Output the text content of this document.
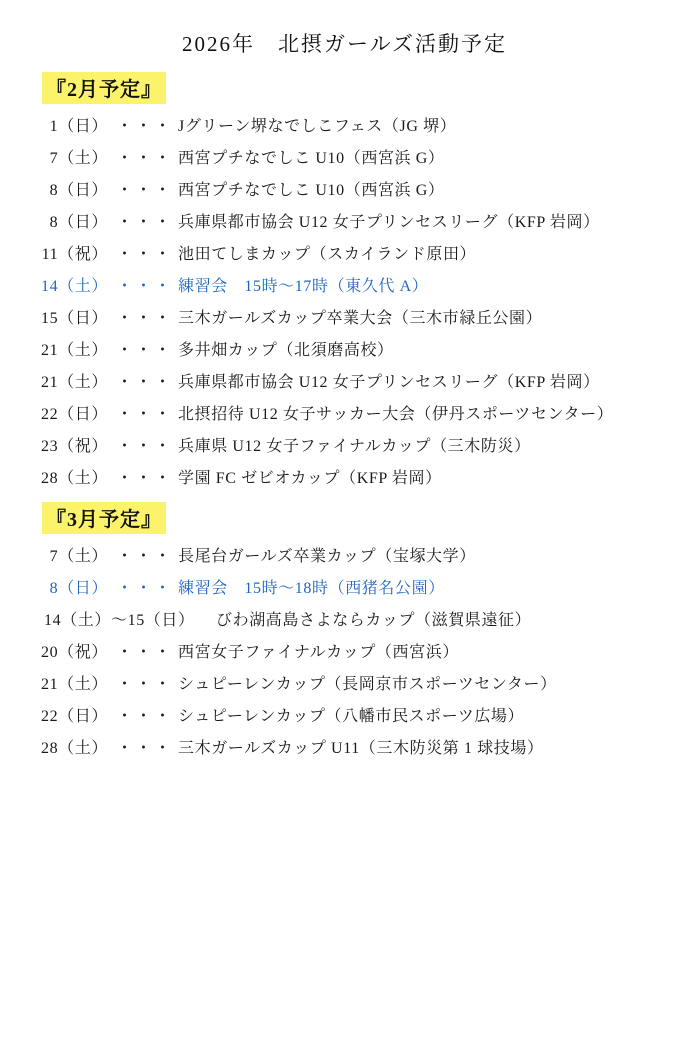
2026年　北摂ガールズ活動予定
『2月予定』
1（日） ・・・ Jグリーン堺なでしこフェス（JG 堺）
7（土） ・・・ 西宮プチなでしこ U10（西宮浜 G）
8（日） ・・・ 西宮プチなでしこ U10（西宮浜 G）
8（日） ・・・ 兵庫県都市協会 U12 女子プリンセスリーグ（KFP 岩岡）
11（祝） ・・・ 池田てしまカップ（スカイランド原田）
14（土） ・・・ 練習会　15時〜17時（東久代 A）
15（日） ・・・ 三木ガールズカップ卒業大会（三木市緑丘公園）
21（土） ・・・ 多井畑カップ（北須磨高校）
21（土） ・・・ 兵庫県都市協会 U12 女子プリンセスリーグ（KFP 岩岡）
22（日） ・・・ 北摂招待 U12 女子サッカー大会（伊丹スポーツセンター）
23（祝） ・・・ 兵庫県 U12 女子ファイナルカップ（三木防災）
28（土） ・・・ 学園 FC ゼビオカップ（KFP 岩岡）
『3月予定』
7（土） ・・・ 長尾台ガールズ卒業カップ（宝塚大学）
8（日） ・・・ 練習会　15時〜18時（西猪名公園）
14（土）〜15（日）	びわ湖高島さよならカップ（滋賀県遠征）
20（祝） ・・・ 西宮女子ファイナルカップ（西宮浜）
21（土） ・・・ シュピーレンカップ（長岡京市スポーツセンター）
22（日） ・・・ シュピーレンカップ（八幡市民スポーツ広場）
28（土） ・・・ 三木ガールズカップ U11（三木防災第 1 球技場）
